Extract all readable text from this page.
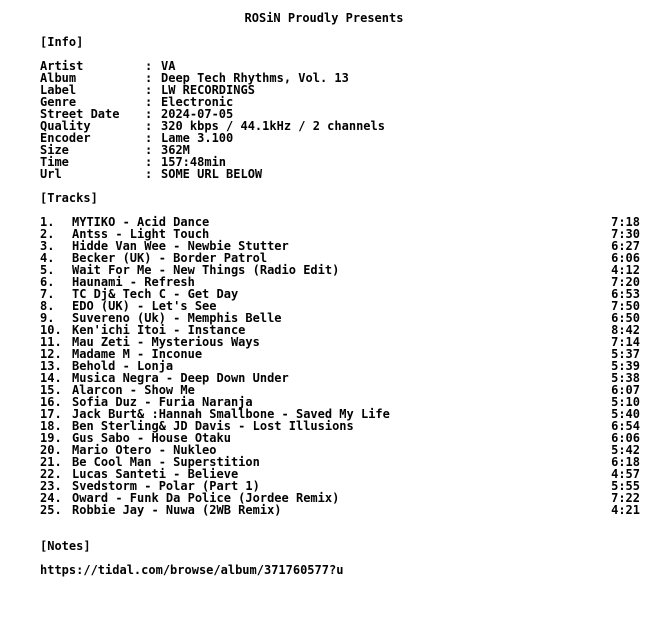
ROSiN Proudly Presents
[Info]
Artist	: VA
Album	: Deep Tech Rhythms, Vol. 13
Label	: LW RECORDINGS
Genre	: Electronic
Street Date	: 2024-07-05
Quality	: 320 kbps / 44.1kHz / 2 channels
Encoder	: Lame 3.100
Size	: 362M
Time	: 157:48min
Url	: SOME URL BELOW
[Tracks]
1.	MYTIKO - Acid Dance	7:18
2.	Antss - Light Touch	7:30
3.	Hidde Van Wee - Newbie Stutter	6:27
4.	Becker (UK) - Border Patrol	6:06
5.	Wait For Me - New Things (Radio Edit)	4:12
6.	Haunami - Refresh	7:20
7.	TC Dj& Tech C - Get Day	6:53
8.	EDO (UK) - Let's See	7:50
9.	Suvereno (Uk) - Memphis Belle	6:50
10. Ken'ichi Itoi - Instance	8:42
11. Mau Zeti - Mysterious Ways	7:14
12. Madame M - Inconue	5:37
13. Behold - Lonja	5:39
14. Musica Negra - Deep Down Under	5:38
15. Alarcon - Show Me	6:07
16. Sofia Duz - Furia Naranja	5:10
17. Jack Burt& :Hannah Smallbone - Saved My Life	5:40
18. Ben Sterling& JD Davis - Lost Illusions	6:54
19. Gus Sabo - House Otaku	6:06
20. Mario Otero - Nukleo	5:42
21. Be Cool Man - Superstition	6:18
22. Lucas Santeti - Believe	4:57
23. Svedstorm - Polar (Part 1)	5:55
24. Oward - Funk Da Police (Jordee Remix)	7:22
25. Robbie Jay - Nuwa (2WB Remix)	4:21
[Notes]
https://tidal.com/browse/album/371760577?u
